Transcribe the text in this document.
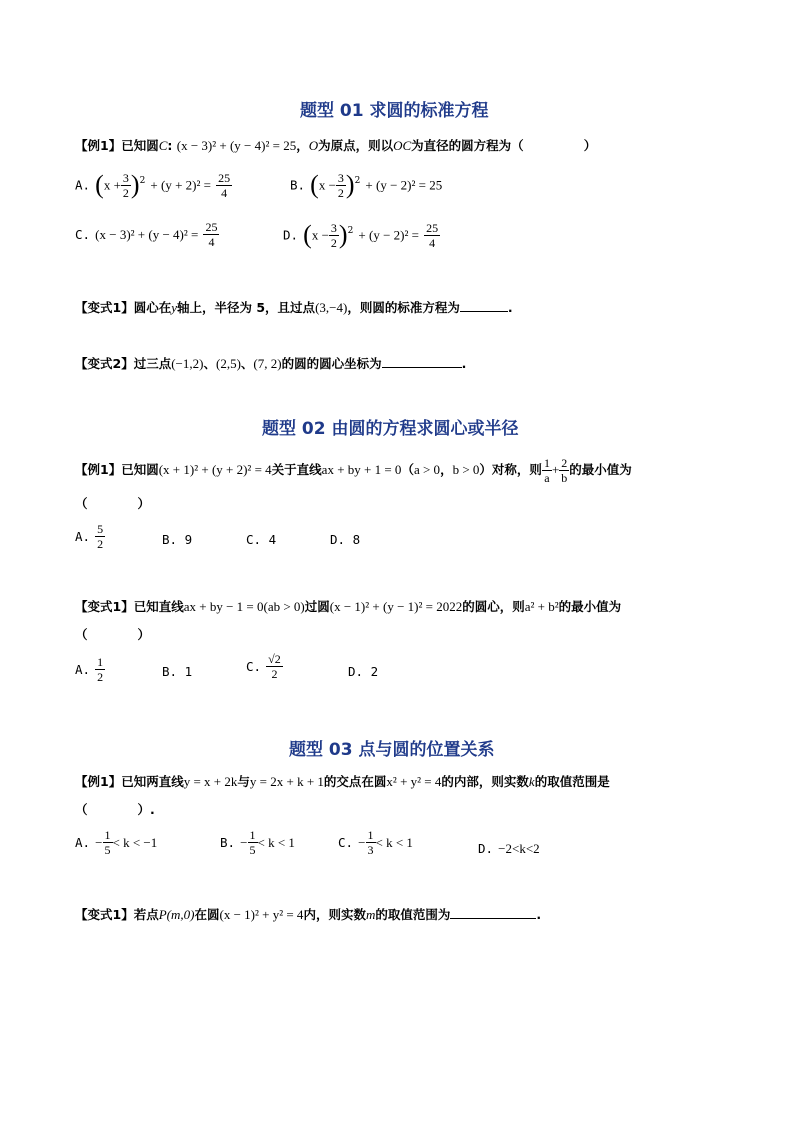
题型 01 求圆的标准方程
【例1】已知圆C: (x − 3)² + (y − 4)² = 25，O为原点，则以OC为直径的圆方程为（	）
A. $(x + \frac{3}{2} )^2 + (y + 2)^2 = \frac{25}{4}$	B. $(x - \frac{3}{2} )^2 + (y - 2)^2 = 25$
C. $(x - 3)^2 + (y - 4)^2 = \frac{25}{4}$	D. $(x - \frac{3}{2} )^2 + (y - 2)^2 = \frac{25}{4}$
【变式1】圆心在y轴上，半径为 5，且过点(3,−4)，则圆的标准方程为	.
【变式2】过三点(−1,2)、(2,5)、(7, 2)的圆的圆心坐标为	.
题型 02 由圆的方程求圆心或半径
【例1】已知圆(x + 1)² + (y + 2)² = 4关于直线ax + by + 1 = 0（a > 0，b > 0）对称，则 $\frac{1}{a} + \frac{2}{b}$ 的最小值为
（　　　　）
A. $\frac{5}{2}$	B. 9	C. 4	D. 8
【变式1】已知直线ax + by − 1 = 0(ab > 0)过圆(x − 1)² + (y − 1)² = 2022的圆心，则a² + b²的最小值为
（　　　　）
A. $\frac{1}{2}$	B. 1	C. $\frac{√2}{2}$	D. 2
题型 03 点与圆的位置关系
【例1】已知两直线y = x + 2k与y = 2x + k + 1的交点在圆x² + y² = 4的内部，则实数k的取值范围是
（　　　　）.
A. − $\frac{1}{5} < k < -1$	B. − $\frac{1}{5} < k < 1$	C. − $\frac{1}{3} < k < 1$	D. −2<k<2
【变式1】若点P(m,0)在圆(x − 1)² + y² = 4内，则实数m的取值范围为	.
